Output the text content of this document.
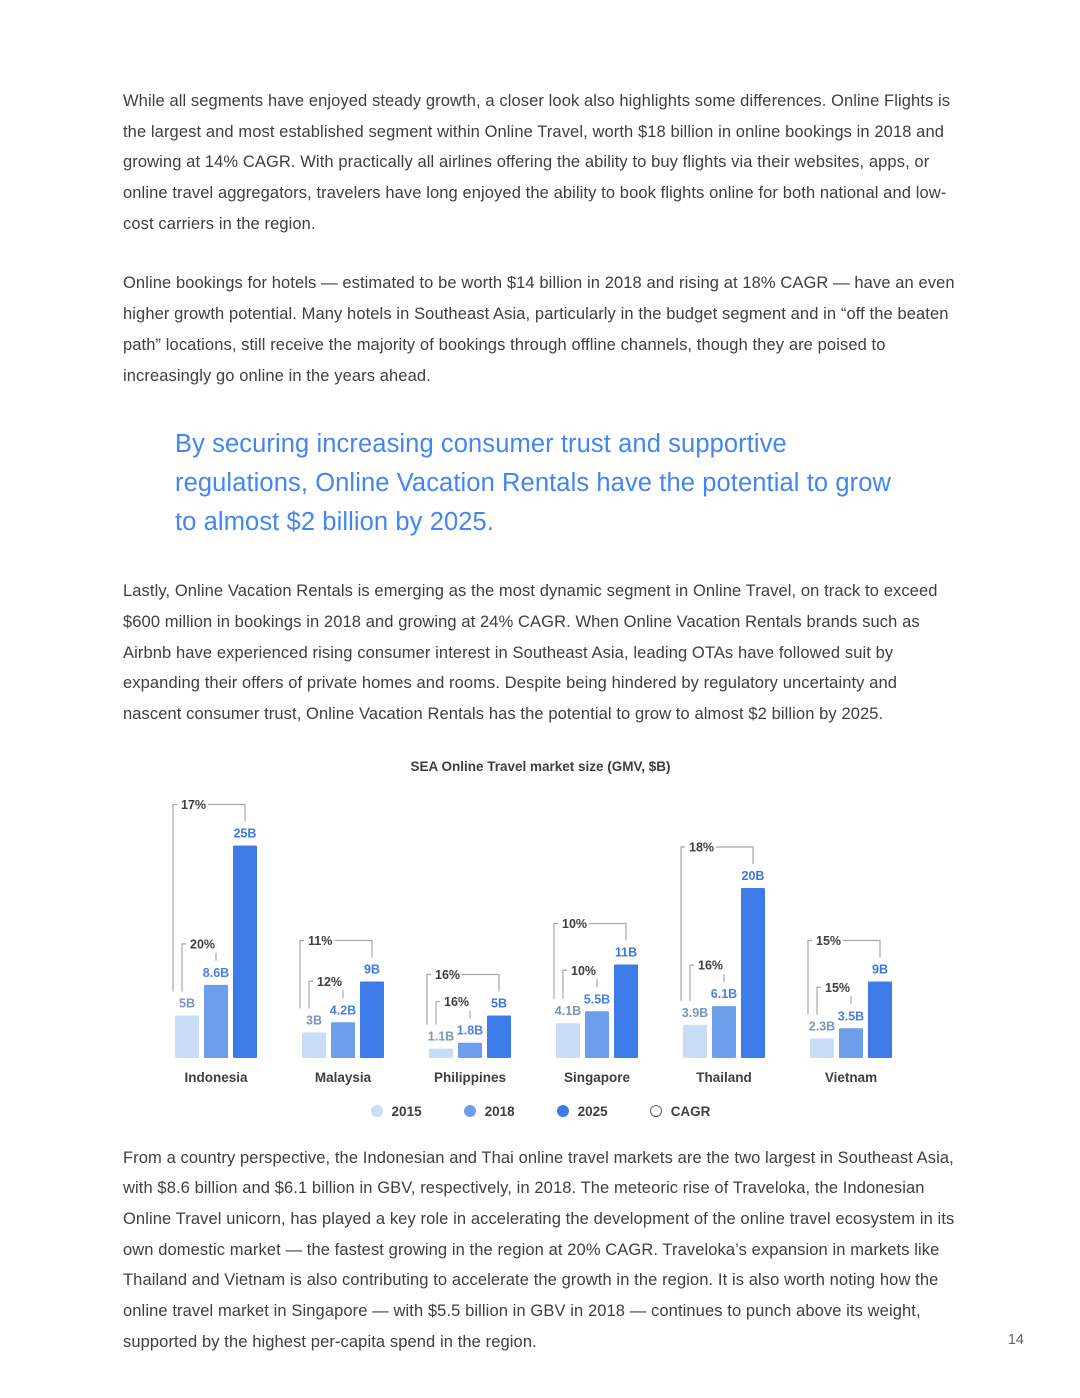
While all segments have enjoyed steady growth, a closer look also highlights some differences. Online Flights is the largest and most established segment within Online Travel, worth $18 billion in online bookings in 2018 and growing at 14% CAGR. With practically all airlines offering the ability to buy flights via their websites, apps, or online travel aggregators, travelers have long enjoyed the ability to book flights online for both national and low-cost carriers in the region.

Online bookings for hotels — estimated to be worth $14 billion in 2018 and rising at 18% CAGR — have an even higher growth potential. Many hotels in Southeast Asia, particularly in the budget segment and in “off the beaten path” locations, still receive the majority of bookings through offline channels, though they are poised to increasingly go online in the years ahead.

By securing increasing consumer trust and supportive regulations, Online Vacation Rentals have the potential to grow to almost $2 billion by 2025.

Lastly, Online Vacation Rentals is emerging as the most dynamic segment in Online Travel, on track to exceed $600 million in bookings in 2018 and growing at 24% CAGR. When Online Vacation Rentals brands such as Airbnb have experienced rising consumer interest in Southeast Asia, leading OTAs have followed suit by expanding their offers of private homes and rooms. Despite being hindered by regulatory uncertainty and nascent consumer trust, Online Vacation Rentals has the potential to grow to almost $2 billion by 2025.

SEA Online Travel market size (GMV, $B)
5B
8.6B
25B
17%
20%
Indonesia
3B
4.2B
9B
11%
12%
Malaysia
1.1B 1.8B
5B
16%
16%
Philippines
4.1B
5.5B
11B
10%
10%
Singapore
3.9B
6.1B
20B
18%
16%
Thailand
2.3B
3.5B
9B
15%
15%
Vietnam
2015	2018	2025	CAGR

From a country perspective, the Indonesian and Thai online travel markets are the two largest in Southeast Asia, with $8.6 billion and $6.1 billion in GBV, respectively, in 2018. The meteoric rise of Traveloka, the Indonesian Online Travel unicorn, has played a key role in accelerating the development of the online travel ecosystem in its own domestic market — the fastest growing in the region at 20% CAGR. Traveloka’s expansion in markets like Thailand and Vietnam is also contributing to accelerate the growth in the region. It is also worth noting how the online travel market in Singapore — with $5.5 billion in GBV in 2018 — continues to punch above its weight, supported by the highest per-capita spend in the region.	14
